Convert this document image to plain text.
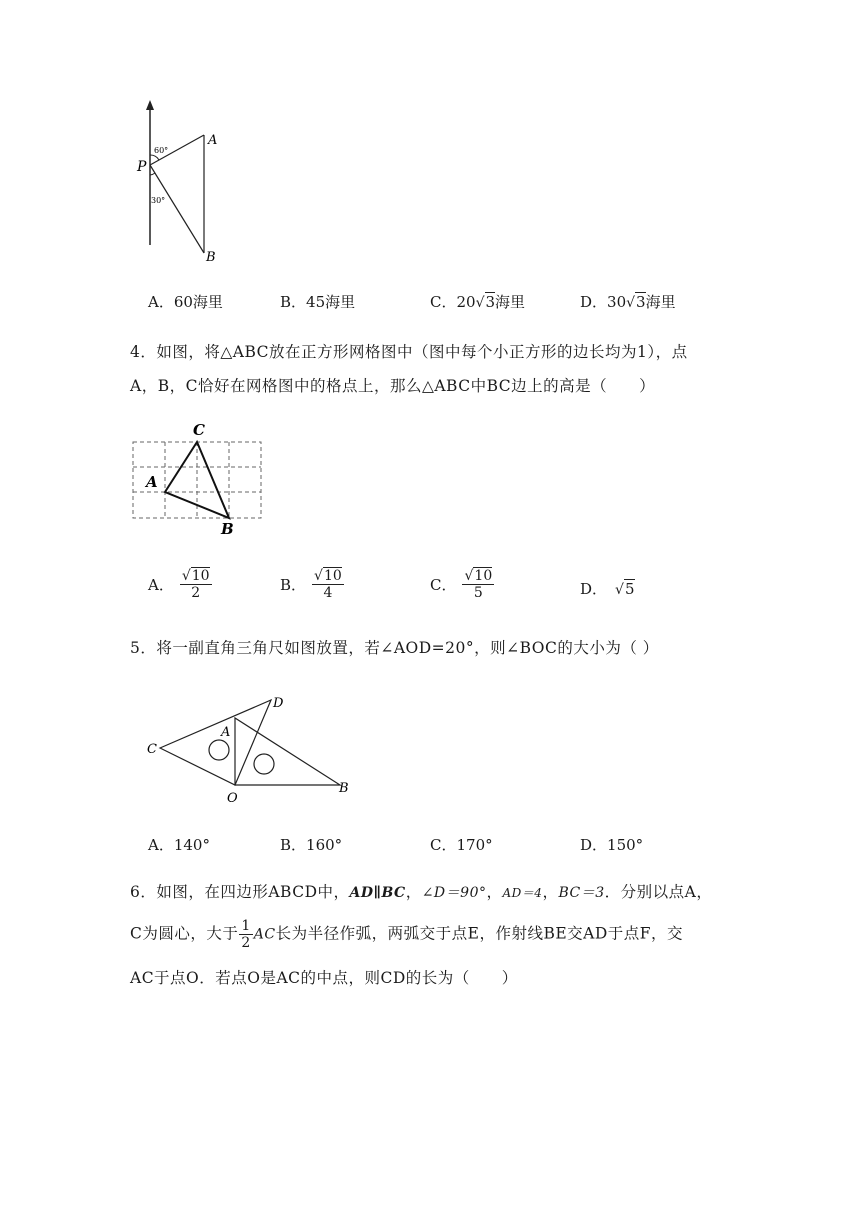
P
A
B
60°
30°
A．60海里	B．45海里	C．20√3海里	D．30√3海里
4．如图，将△ABC放在正方形网格图中（图中每个小正方形的边长均为1），点
A，B，C恰好在网格图中的格点上，那么△ABC中BC边上的高是（　　）
C
A
B
A． $\frac{√10}{2}$	B． $\frac{√10}{4}$	C． $\frac{√10}{5}$	D． √5
5．将一副直角三角尺如图放置，若∠AOD=20°，则∠BOC的大小为（ ）
C
A
D
O
B
A．140°	B．160°	C．170°	D．150°
6．如图，在四边形ABCD中，AD∥BC，∠D＝90°，AD＝4，BC＝3．分别以点A，
C为圆心，大于 $\frac{1}{2}$ AC长为半径作弧，两弧交于点E，作射线BE交AD于点F，交
AC于点O．若点O是AC的中点，则CD的长为（　　）
